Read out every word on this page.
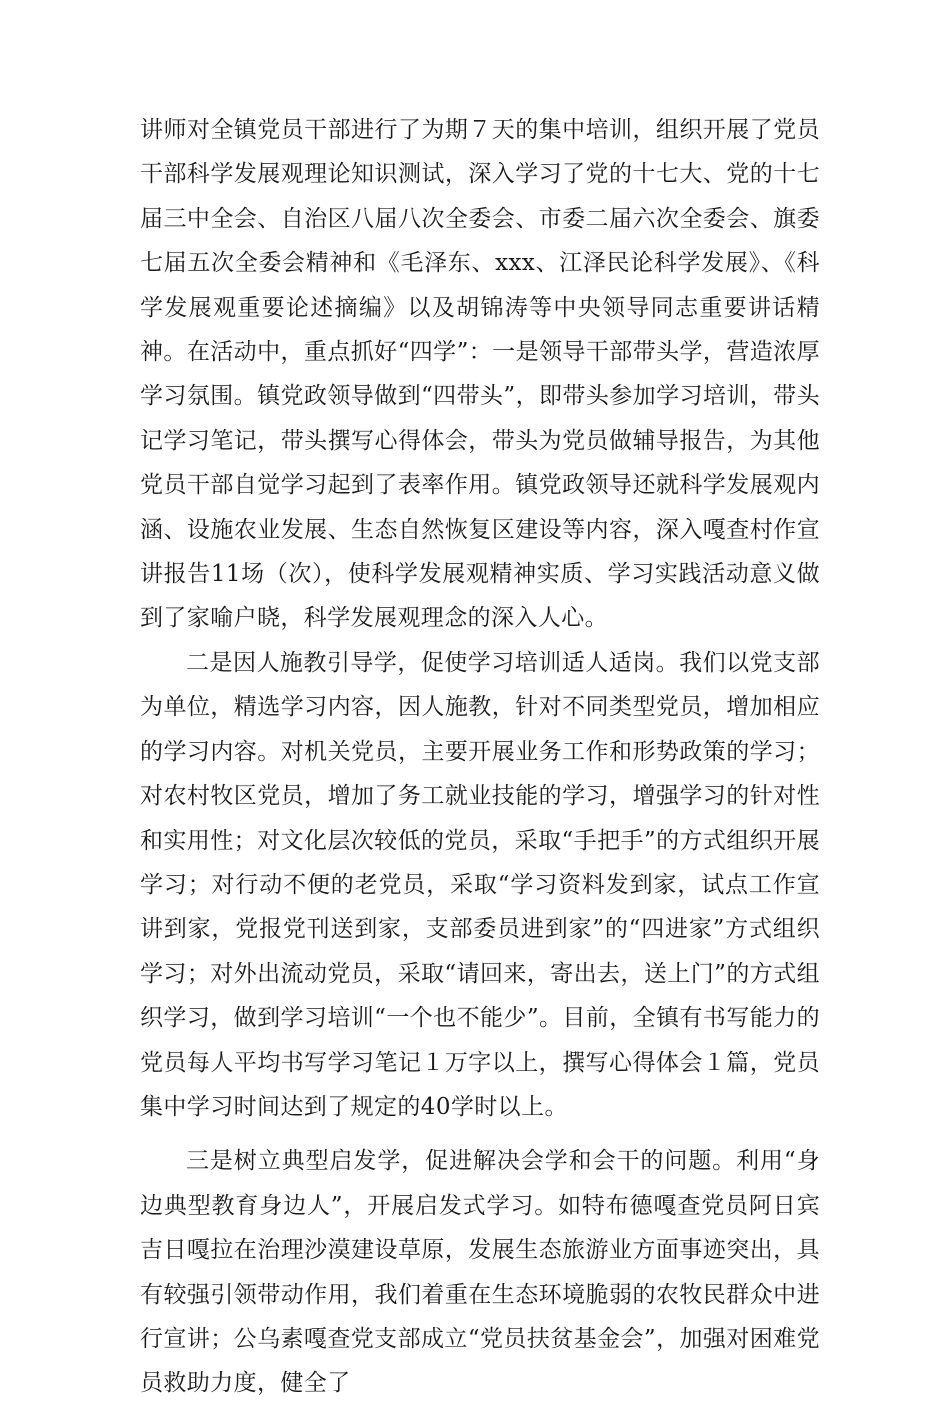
讲师对全镇党员干部进行了为期７天的集中培训，组织开展了党员干部科学发展观理论知识测试，深入学习了党的十七大、党的十七届三中全会、自治区八届八次全委会、市委二届六次全委会、旗委七届五次全委会精神和《毛泽东、xxx、江泽民论科学发展》、《科学发展观重要论述摘编》以及胡锦涛等中央领导同志重要讲话精神。在活动中，重点抓好“四学”：一是领导干部带头学，营造浓厚学习氛围。镇党政领导做到“四带头”，即带头参加学习培训，带头记学习笔记，带头撰写心得体会，带头为党员做辅导报告，为其他党员干部自觉学习起到了表率作用。镇党政领导还就科学发展观内涵、设施农业发展、生态自然恢复区建设等内容，深入嘎查村作宣讲报告11场（次），使科学发展观精神实质、学习实践活动意义做到了家喻户晓，科学发展观理念的深入人心。

二是因人施教引导学，促使学习培训适人适岗。我们以党支部为单位，精选学习内容，因人施教，针对不同类型党员，增加相应的学习内容。对机关党员，主要开展业务工作和形势政策的学习；对农村牧区党员，增加了务工就业技能的学习，增强学习的针对性和实用性；对文化层次较低的党员，采取“手把手”的方式组织开展学习；对行动不便的老党员，采取“学习资料发到家，试点工作宣讲到家，党报党刊送到家，支部委员进到家”的“四进家”方式组织学习；对外出流动党员，采取“请回来，寄出去，送上门”的方式组织学习，做到学习培训“一个也不能少”。目前，全镇有书写能力的党员每人平均书写学习笔记１万字以上，撰写心得体会１篇，党员集中学习时间达到了规定的40学时以上。

三是树立典型启发学，促进解决会学和会干的问题。利用“身边典型教育身边人”，开展启发式学习。如特布德嘎查党员阿日宾吉日嘎拉在治理沙漠建设草原，发展生态旅游业方面事迹突出，具有较强引领带动作用，我们着重在生态环境脆弱的农牧民群众中进行宣讲；公乌素嘎查党支部成立“党员扶贫基金会”，加强对困难党员救助力度，健全了
